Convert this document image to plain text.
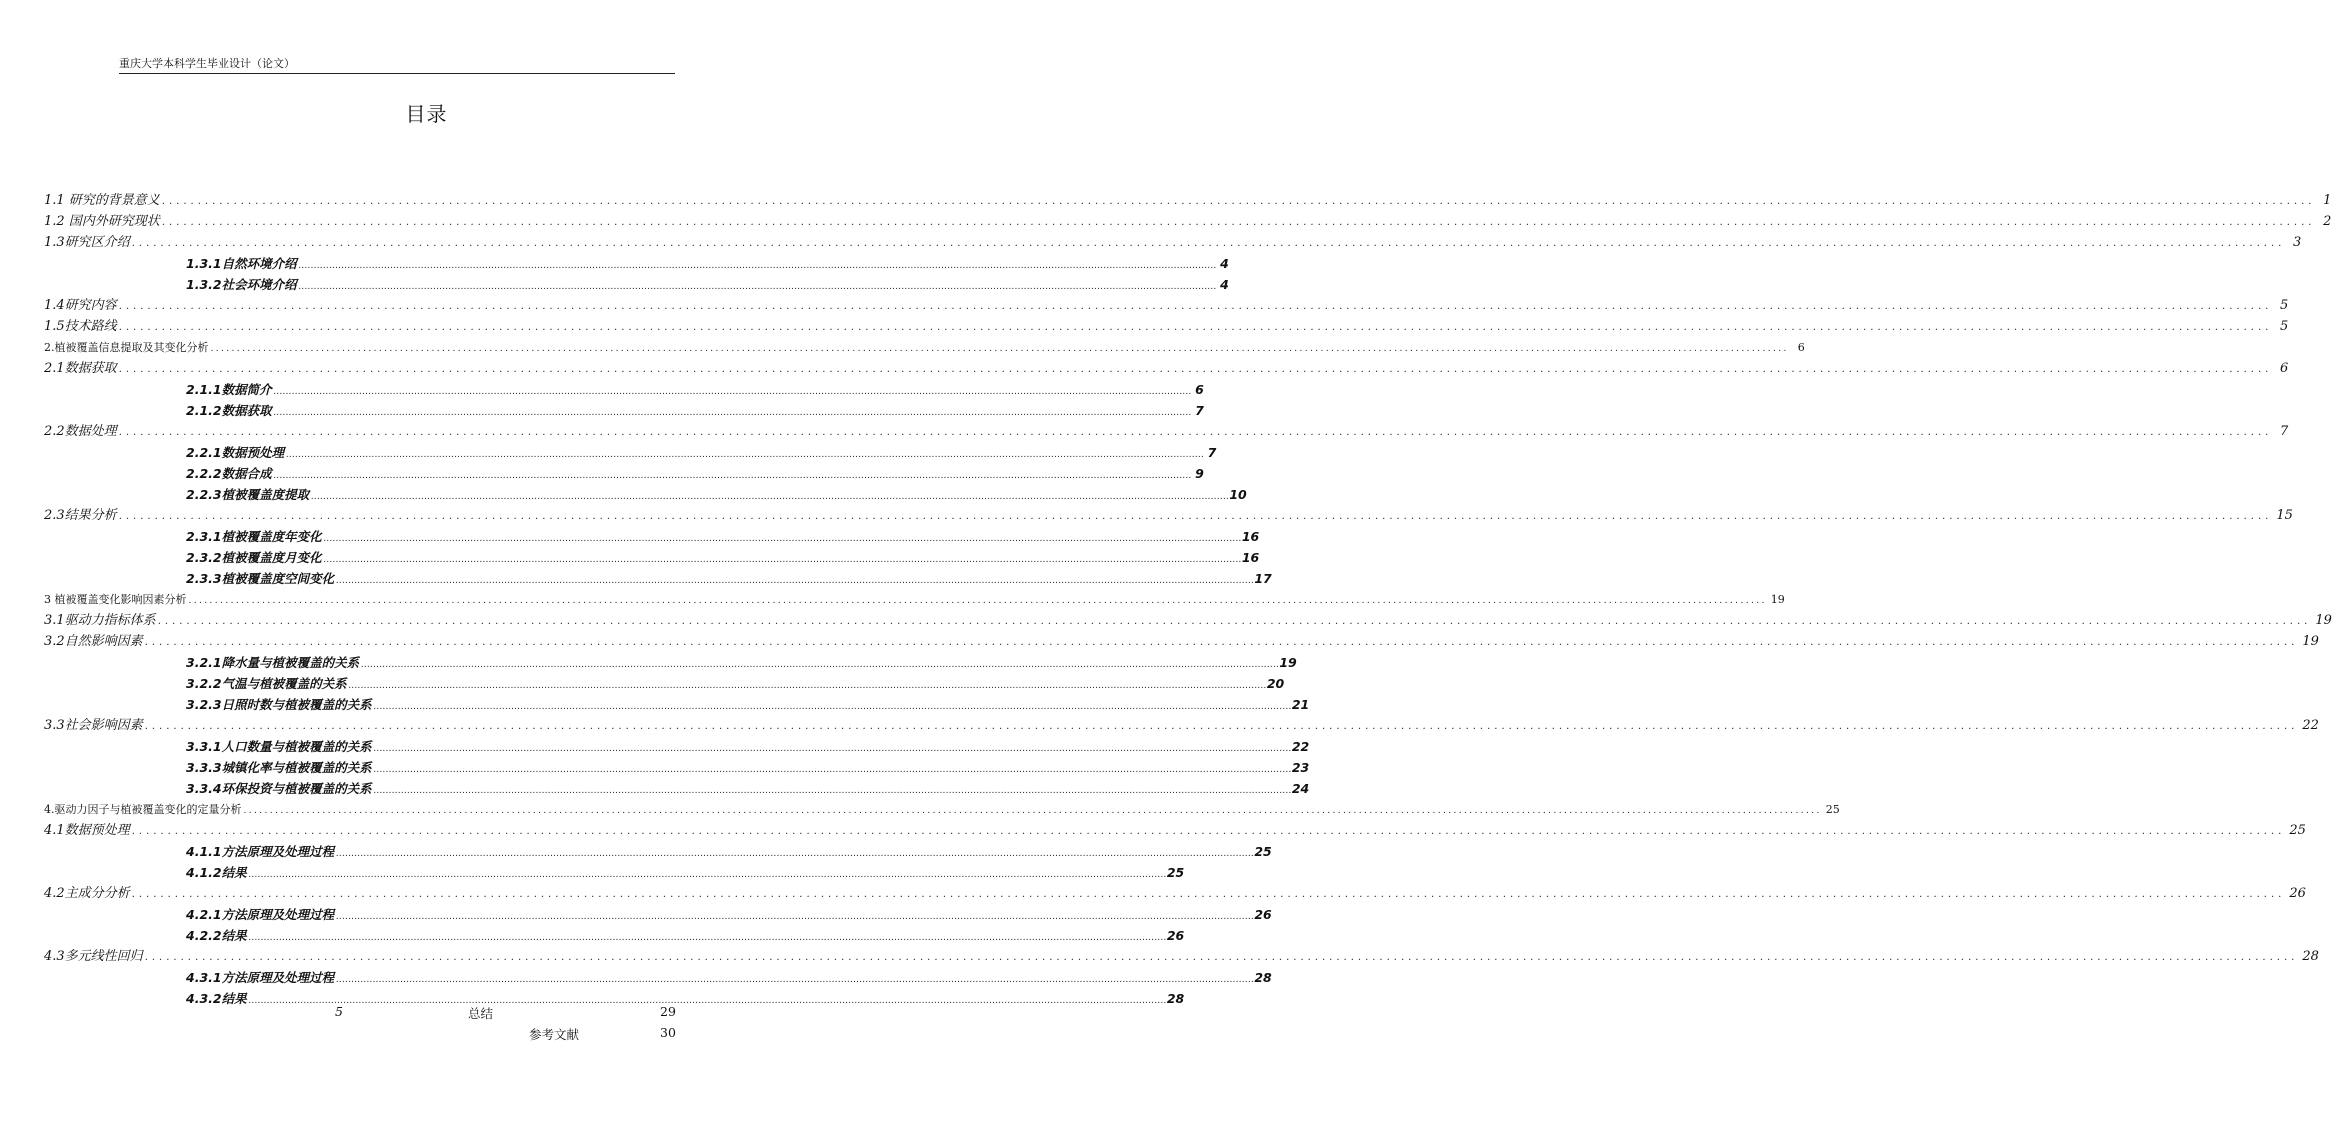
重庆大学本科学生毕业设计（论文）
目录
1.1 研究的背景意义 ............................................................................................................................................................................................................................................................................................................ 1
1.2 国内外研究现状 ............................................................................................................................................................................................................................................................................................................ 2
1.3研究区介绍 ............................................................................................................................................................................................................................................................................................................ 3
1.3.1自然环境介绍 ............................................................................................................................................................................................................................................................................................................ 4
1.3.2社会环境介绍 ............................................................................................................................................................................................................................................................................................................ 4
1.4研究内容 ............................................................................................................................................................................................................................................................................................................ 5
1.5技术路线 ............................................................................................................................................................................................................................................................................................................ 5
2.植被覆盖信息提取及其变化分析 ............................................................................................................................................................................................................................................................................................................ 6
2.1数据获取 ............................................................................................................................................................................................................................................................................................................ 6
2.1.1数据简介 ............................................................................................................................................................................................................................................................................................................ 6
2.1.2数据获取 ............................................................................................................................................................................................................................................................................................................ 7
2.2数据处理 ............................................................................................................................................................................................................................................................................................................ 7
2.2.1数据预处理 ............................................................................................................................................................................................................................................................................................................ 7
2.2.2数据合成 ............................................................................................................................................................................................................................................................................................................ 9
2.2.3植被覆盖度提取 ............................................................................................................................................................................................................................................................................................................ 10
2.3结果分析 ............................................................................................................................................................................................................................................................................................................ 15
2.3.1植被覆盖度年变化 ............................................................................................................................................................................................................................................................................................................ 16
2.3.2植被覆盖度月变化 ............................................................................................................................................................................................................................................................................................................ 16
2.3.3植被覆盖度空间变化 ............................................................................................................................................................................................................................................................................................................ 17
3 植被覆盖变化影响因素分析 ............................................................................................................................................................................................................................................................................................................ 19
3.1驱动力指标体系 ............................................................................................................................................................................................................................................................................................................ 19
3.2自然影响因素 ............................................................................................................................................................................................................................................................................................................ 19
3.2.1降水量与植被覆盖的关系 ............................................................................................................................................................................................................................................................................................................ 19
3.2.2气温与植被覆盖的关系 ............................................................................................................................................................................................................................................................................................................ 20
3.2.3日照时数与植被覆盖的关系 ............................................................................................................................................................................................................................................................................................................ 21
3.3社会影响因素 ............................................................................................................................................................................................................................................................................................................ 22
3.3.1人口数量与植被覆盖的关系 ............................................................................................................................................................................................................................................................................................................ 22
3.3.3城镇化率与植被覆盖的关系 ............................................................................................................................................................................................................................................................................................................ 23
3.3.4环保投资与植被覆盖的关系 ............................................................................................................................................................................................................................................................................................................ 24
4.驱动力因子与植被覆盖变化的定量分析 ............................................................................................................................................................................................................................................................................................................ 25
4.1数据预处理 ............................................................................................................................................................................................................................................................................................................ 25
4.1.1方法原理及处理过程 ............................................................................................................................................................................................................................................................................................................ 25
4.1.2结果 ............................................................................................................................................................................................................................................................................................................ 25
4.2主成分分析 ............................................................................................................................................................................................................................................................................................................ 26
4.2.1方法原理及处理过程 ............................................................................................................................................................................................................................................................................................................ 26
4.2.2结果 ............................................................................................................................................................................................................................................................................................................ 26
4.3多元线性回归 ............................................................................................................................................................................................................................................................................................................ 28
4.3.1方法原理及处理过程 ............................................................................................................................................................................................................................................................................................................ 28
4.3.2结果 ............................................................................................................................................................................................................................................................................................................ 28
5	总结	29
参考文献	30
